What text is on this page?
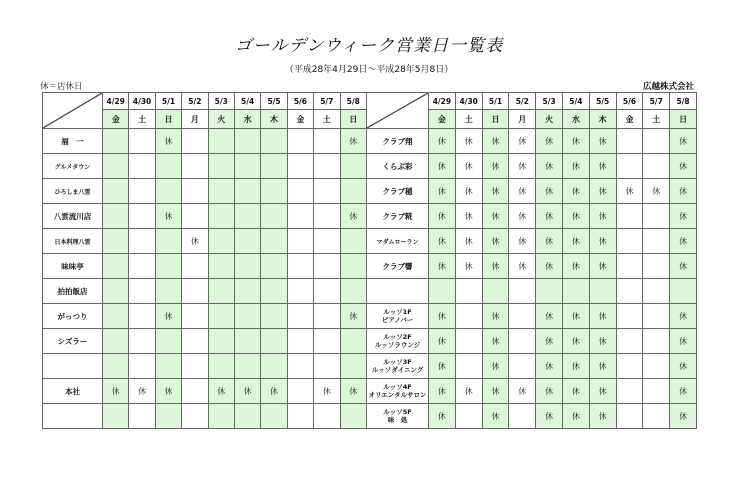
ゴールデンウィーク営業日一覧表
（平成28年4月29日～平成28年5月8日）
休＝店休日	広越株式会社
	4/29	4/30	5/1	5/2	5/3	5/4	5/5	5/6	5/7	5/8
	金	土	日	月	火	水	木	金	土	日
福　一			休							休
グルメタウン										
ひろしま八雲										
八雲流川店			休							休
日本料理八雲				休						
味味亭										
拍拍飯店										
がっつり			休							休
シズラー										

本社	休	休	休		休	休	休		休	休

	4/29	4/30	5/1	5/2	5/3	5/4	5/5	5/6	5/7	5/8
	金	土	日	月	火	水	木	金	土	日
クラブ翔	休	休	休	休	休	休	休			休
くらぶ彩	休	休	休	休	休	休	休			休
クラブ穂	休	休	休	休	休	休	休	休	休	休
クラブ糀	休	休	休	休	休	休	休			休
マダムローラン	休	休	休	休	休	休	休			休
クラブ響	休	休	休	休	休	休	休			休

ルッソ1F
ピアノバー	休		休		休	休	休			休

ルッソ2F
ルッソラウンジ	休		休		休	休	休			休

ルッソ3F
ルッソダイニング	休		休		休	休	休			休

ルッソ4F
オリエンタルサロン	休	休	休	休	休	休	休			休

ルッソ5F
味　処	休		休		休	休	休			休
